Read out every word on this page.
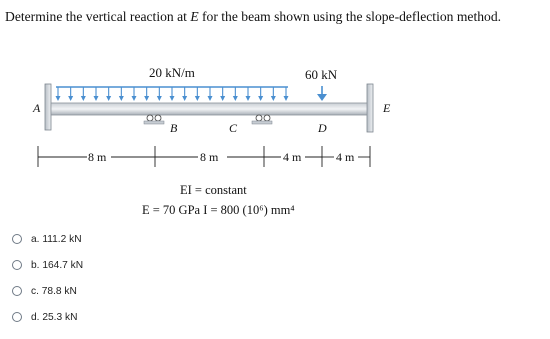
Determine the vertical reaction at E for the beam shown using the slope-deflection method.
20 kN/m	60 kN
A	E
B	C	D
8 m	8 m	4 m	4 m
EI = constant
E = 70 GPa I = 800 (10⁶) mm⁴
a. 111.2 kN
b. 164.7 kN
c. 78.8 kN
d. 25.3 kN
